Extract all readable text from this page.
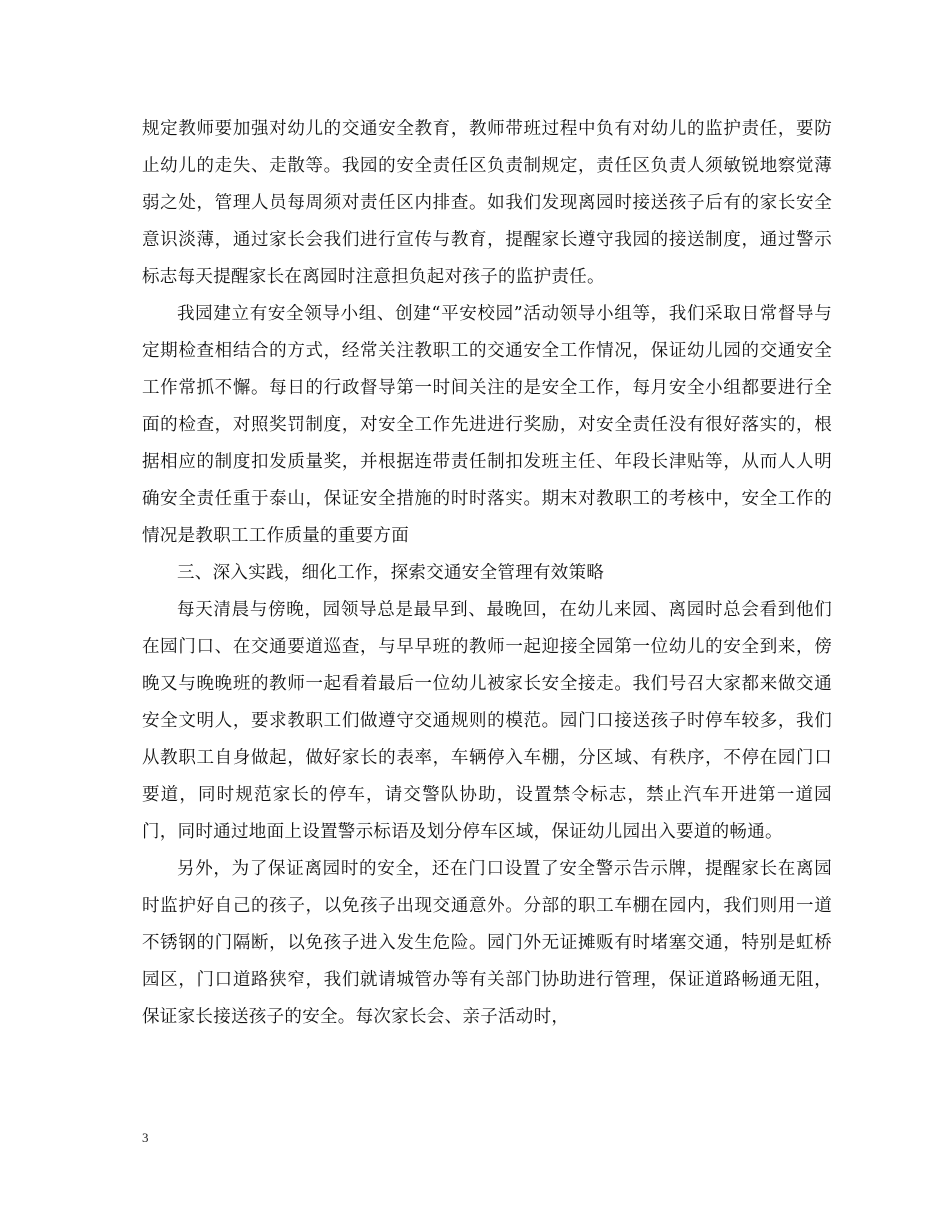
规定教师要加强对幼儿的交通安全教育，教师带班过程中负有对幼儿的监护责任，要防止幼儿的走失、走散等。我园的安全责任区负责制规定，责任区负责人须敏锐地察觉薄弱之处，管理人员每周须对责任区内排查。如我们发现离园时接送孩子后有的家长安全意识淡薄，通过家长会我们进行宣传与教育，提醒家长遵守我园的接送制度，通过警示标志每天提醒家长在离园时注意担负起对孩子的监护责任。

我园建立有安全领导小组、创建“平安校园”活动领导小组等，我们采取日常督导与定期检查相结合的方式，经常关注教职工的交通安全工作情况，保证幼儿园的交通安全工作常抓不懈。每日的行政督导第一时间关注的是安全工作，每月安全小组都要进行全面的检查，对照奖罚制度，对安全工作先进进行奖励，对安全责任没有很好落实的，根据相应的制度扣发质量奖，并根据连带责任制扣发班主任、年段长津贴等，从而人人明确安全责任重于泰山，保证安全措施的时时落实。期末对教职工的考核中，安全工作的情况是教职工工作质量的重要方面

三、深入实践，细化工作，探索交通安全管理有效策略

每天清晨与傍晚，园领导总是最早到、最晚回，在幼儿来园、离园时总会看到他们在园门口、在交通要道巡查，与早早班的教师一起迎接全园第一位幼儿的安全到来，傍晚又与晚晚班的教师一起看着最后一位幼儿被家长安全接走。我们号召大家都来做交通安全文明人，要求教职工们做遵守交通规则的模范。园门口接送孩子时停车较多，我们从教职工自身做起，做好家长的表率，车辆停入车棚，分区域、有秩序，不停在园门口要道，同时规范家长的停车，请交警队协助，设置禁令标志，禁止汽车开进第一道园门，同时通过地面上设置警示标语及划分停车区域，保证幼儿园出入要道的畅通。

另外，为了保证离园时的安全，还在门口设置了安全警示告示牌，提醒家长在离园时监护好自己的孩子，以免孩子出现交通意外。分部的职工车棚在园内，我们则用一道不锈钢的门隔断，以免孩子进入发生危险。园门外无证摊贩有时堵塞交通，特别是虹桥园区，门口道路狭窄，我们就请城管办等有关部门协助进行管理，保证道路畅通无阻，保证家长接送孩子的安全。每次家长会、亲子活动时，

3
